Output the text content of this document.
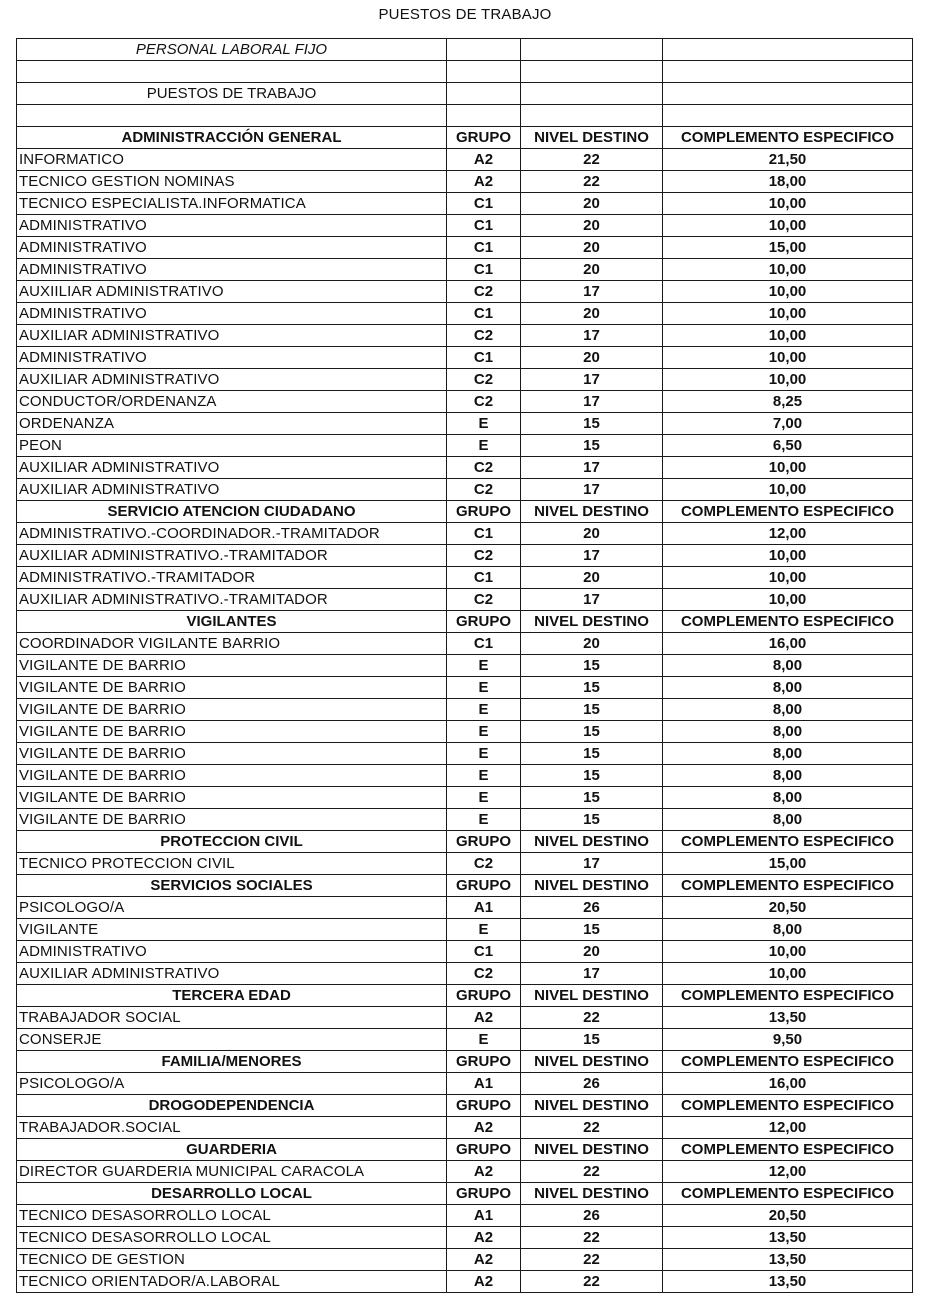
PUESTOS DE TRABAJO
PERSONAL LABORAL FIJO			

PUESTOS DE TRABAJO			

ADMINISTRACCIÓN GENERAL	GRUPO	NIVEL DESTINO	COMPLEMENTO ESPECIFICO
INFORMATICO	A2	22	21,50
TECNICO GESTION NOMINAS	A2	22	18,00
TECNICO ESPECIALISTA.INFORMATICA	C1	20	10,00
ADMINISTRATIVO	C1	20	10,00
ADMINISTRATIVO	C1	20	15,00
ADMINISTRATIVO	C1	20	10,00
AUXIILIAR ADMINISTRATIVO	C2	17	10,00
ADMINISTRATIVO	C1	20	10,00
AUXILIAR ADMINISTRATIVO	C2	17	10,00
ADMINISTRATIVO	C1	20	10,00
AUXILIAR ADMINISTRATIVO	C2	17	10,00
CONDUCTOR/ORDENANZA	C2	17	8,25
ORDENANZA	E	15	7,00
PEON	E	15	6,50
AUXILIAR ADMINISTRATIVO	C2	17	10,00
AUXILIAR ADMINISTRATIVO	C2	17	10,00
SERVICIO ATENCION CIUDADANO	GRUPO	NIVEL DESTINO	COMPLEMENTO ESPECIFICO
ADMINISTRATIVO.-COORDINADOR.-TRAMITADOR	C1	20	12,00
AUXILIAR ADMINISTRATIVO.-TRAMITADOR	C2	17	10,00
ADMINISTRATIVO.-TRAMITADOR	C1	20	10,00
AUXILIAR ADMINISTRATIVO.-TRAMITADOR	C2	17	10,00
VIGILANTES	GRUPO	NIVEL DESTINO	COMPLEMENTO ESPECIFICO
COORDINADOR VIGILANTE BARRIO	C1	20	16,00
VIGILANTE DE BARRIO	E	15	8,00
VIGILANTE DE BARRIO	E	15	8,00
VIGILANTE DE BARRIO	E	15	8,00
VIGILANTE DE BARRIO	E	15	8,00
VIGILANTE DE BARRIO	E	15	8,00
VIGILANTE DE BARRIO	E	15	8,00
VIGILANTE DE BARRIO	E	15	8,00
VIGILANTE DE BARRIO	E	15	8,00
PROTECCION CIVIL	GRUPO	NIVEL DESTINO	COMPLEMENTO ESPECIFICO
TECNICO PROTECCION CIVIL	C2	17	15,00
SERVICIOS SOCIALES	GRUPO	NIVEL DESTINO	COMPLEMENTO ESPECIFICO
PSICOLOGO/A	A1	26	20,50
VIGILANTE	E	15	8,00
ADMINISTRATIVO	C1	20	10,00
AUXILIAR ADMINISTRATIVO	C2	17	10,00
TERCERA EDAD	GRUPO	NIVEL DESTINO	COMPLEMENTO ESPECIFICO
TRABAJADOR SOCIAL	A2	22	13,50
CONSERJE	E	15	9,50
FAMILIA/MENORES	GRUPO	NIVEL DESTINO	COMPLEMENTO ESPECIFICO
PSICOLOGO/A	A1	26	16,00
DROGODEPENDENCIA	GRUPO	NIVEL DESTINO	COMPLEMENTO ESPECIFICO
TRABAJADOR.SOCIAL	A2	22	12,00
GUARDERIA	GRUPO	NIVEL DESTINO	COMPLEMENTO ESPECIFICO
DIRECTOR GUARDERIA MUNICIPAL CARACOLA	A2	22	12,00
DESARROLLO LOCAL	GRUPO	NIVEL DESTINO	COMPLEMENTO ESPECIFICO
TECNICO DESASORROLLO LOCAL	A1	26	20,50
TECNICO DESASORROLLO LOCAL	A2	22	13,50
TECNICO DE GESTION	A2	22	13,50
TECNICO ORIENTADOR/A.LABORAL	A2	22	13,50
